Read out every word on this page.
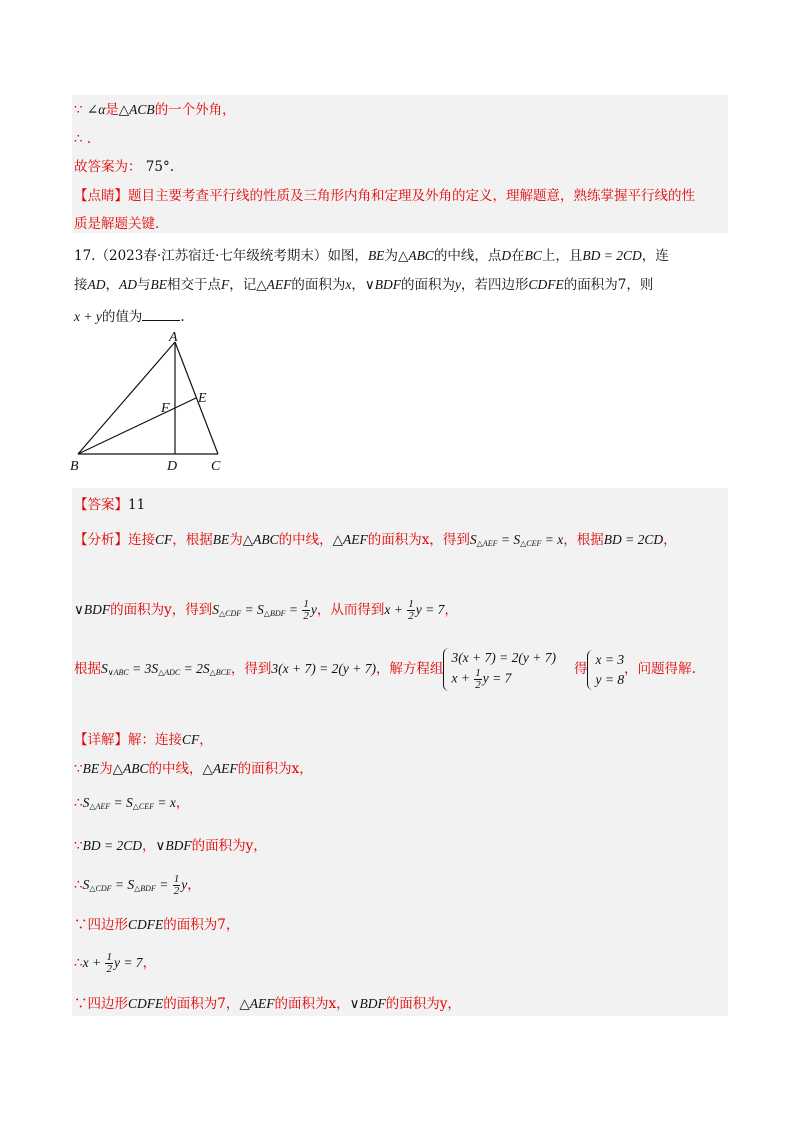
∵ ∠α是△ACB的一个外角，
∴ .
故答案为： 75°.
【点睛】题目主要考查平行线的性质及三角形内角和定理及外角的定义，理解题意，熟练掌握平行线的性
质是解题关键.
17.（2023春·江苏宿迁·七年级统考期末）如图，BE为△ABC的中线，点D在BC上，且BD = 2CD，连
接AD，AD与BE相交于点F，记△AEF的面积为x，∨BDF的面积为y，若四边形CDFE的面积为7，则
x + y的值为	.
A
B	C
D
E
F
【答案】11
【分析】连接CF，根据BE为△ABC的中线，△AEF的面积为x，得到$S_{\triangle AEF} = S_{\triangle CEF} = x$，根据BD = 2CD，
∨BDF的面积为y，得到$S_{\triangle CDF} = S_{\triangle BDF} = \frac{1}{2}$ y，从而得到$x + \frac{1}{2}$ y = 7，
根据$S_{\vee ABC} = 3S_{\triangle ADC} = 2S_{\triangle BCE}$，得到3(x + 7) = 2(y + 7)，解方程组
3(x + 7) = 2(y + 7)
$x + \frac{1}{2}$ y = 7
得
x = 3
y = 8
，问题得解.
【详解】解：连接CF，
∵BE为△ABC的中线，△AEF的面积为x，
$\therefore S_{\triangle AEF} = S_{\triangle CEF} = x$，
∵BD = 2CD，∨BDF的面积为y，
$\therefore S_{\triangle CDF} = S_{\triangle BDF} = \frac{1}{2}$ y，
∵四边形CDFE的面积为7，
∴x + $\frac{1}{2}$ y = 7，
∵四边形CDFE的面积为7，△AEF的面积为x，∨BDF的面积为y，
